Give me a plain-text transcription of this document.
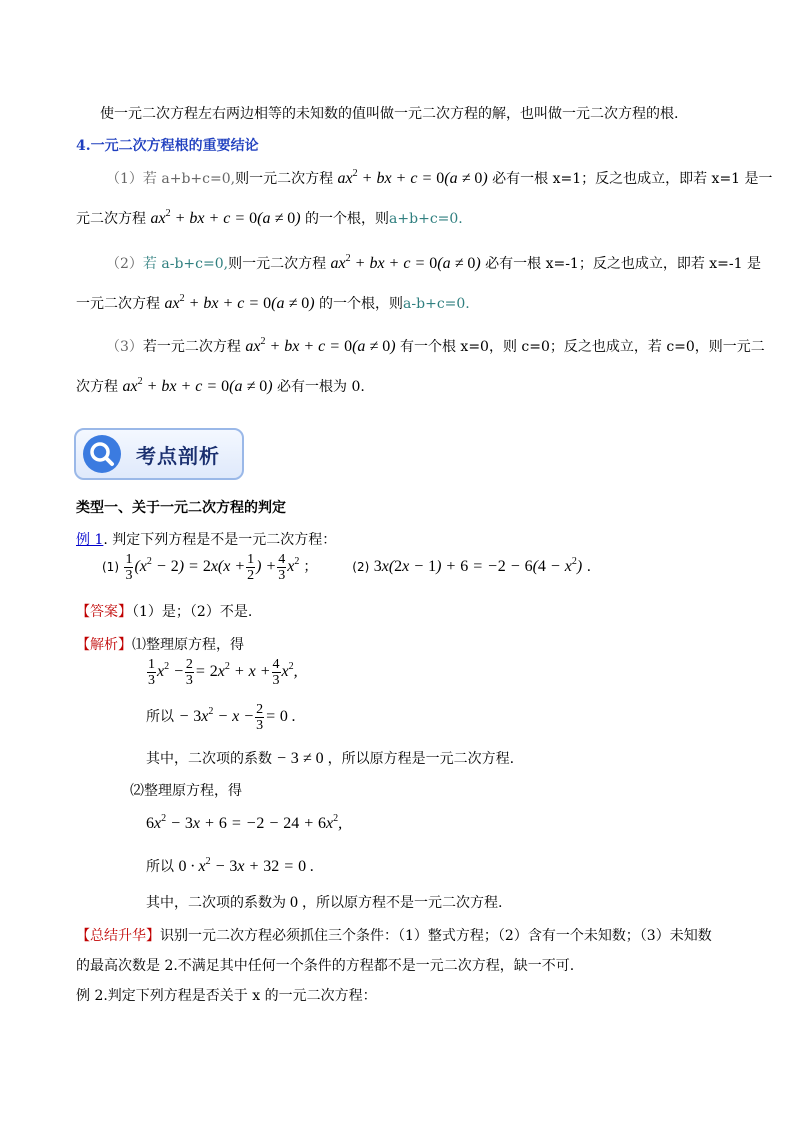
使一元二次方程左右两边相等的未知数的值叫做一元二次方程的解，也叫做一元二次方程的根.
4.一元二次方程根的重要结论
（1）若 a+b+c=0,则一元二次方程 $ax^2$ + bx + c = 0(a ≠ 0) 必有一根 x=1；反之也成立，即若 x=1 是一
元二次方程 $ax^2$ + bx + c = 0(a ≠ 0) 的一个根，则a+b+c=0.
（2）若 a-b+c=0,则一元二次方程 $ax^2$ + bx + c = 0(a ≠ 0) 必有一根 x=-1；反之也成立，即若 x=-1 是
一元二次方程 $ax^2$ + bx + c = 0(a ≠ 0) 的一个根，则a-b+c=0.
（3）若一元二次方程 $ax^2$ + bx + c = 0(a ≠ 0) 有一个根 x=0，则 c=0；反之也成立，若 c=0，则一元二
次方程 $ax^2$ + bx + c = 0(a ≠ 0) 必有一根为 0.
考点剖析
类型一、关于一元二次方程的判定
例 1. 判定下列方程是不是一元二次方程：
$(1) \frac{1}{3} (x^2 - 2) = 2x(x + \frac{1}{2}$ ) + $\frac{4}{3} x^2$ ；	(2) $3x(2x - 1) + 6 = -2 - 6(4 - x^2)$ .
【答案】（1）是；（2）不是.
【解析】⑴整理原方程，得
$\frac{1}{3} x^2 - \frac{2}{3} = 2x^2 + x + \frac{4}{3} x^2$,
所以 − $3x^2 - x - \frac{2}{3} = 0$ .
其中，二次项的系数 − 3 ≠ 0 ，所以原方程是一元二次方程.
⑵整理原方程，得
$6x^2 - 3x + 6 = -2 - 24 + 6x^2$,
所以 $0 \cdot x^2 - 3x + 32 = 0$ .
其中，二次项的系数为 0 ，所以原方程不是一元二次方程.
【总结升华】识别一元二次方程必须抓住三个条件：（1）整式方程；（2）含有一个未知数；（3）未知数
的最高次数是 2.不满足其中任何一个条件的方程都不是一元二次方程，缺一不可.
例 2.判定下列方程是否关于 x 的一元二次方程：
